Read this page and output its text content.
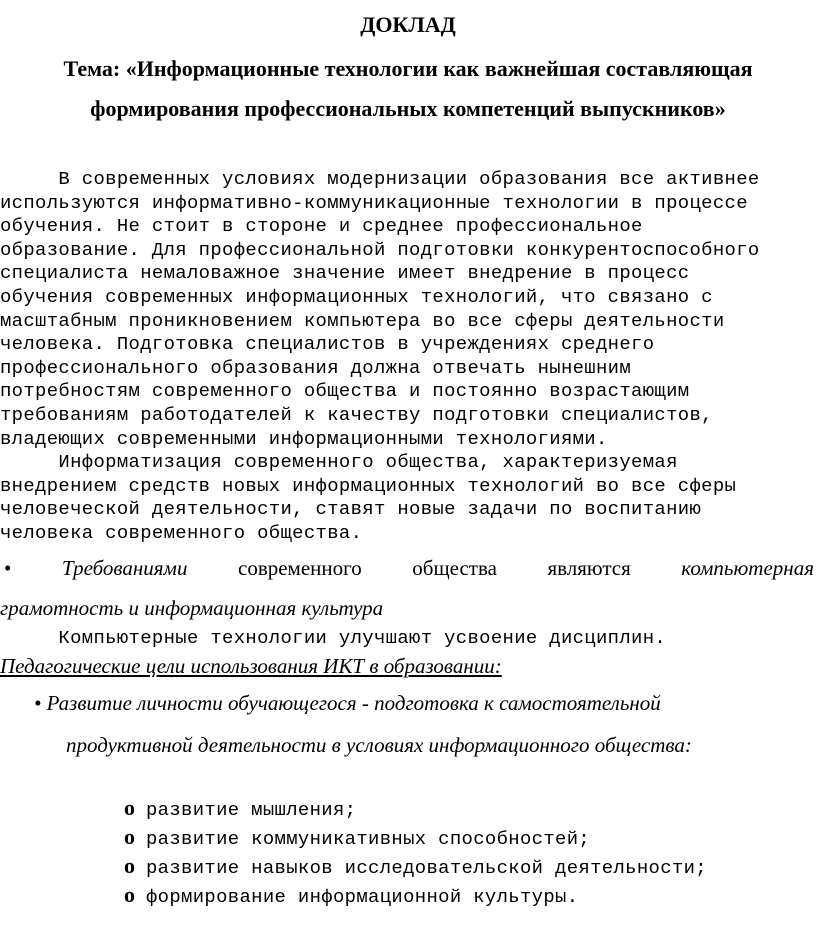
ДОКЛАД
Тема: «Информационные технологии как важнейшая составляющая
формирования профессиональных компетенций выпускников»
В современных условиях модернизации образования все активнее
используются информативно-коммуникационные технологии в процессе
обучения. Не стоит в стороне и среднее профессиональное
образование. Для профессиональной подготовки конкурентоспособного
специалиста немаловажное значение имеет внедрение в процесс
обучения современных информационных технологий, что связано с
масштабным проникновением компьютера во все сферы деятельности
человека. Подготовка специалистов в учреждениях среднего
профессионального образования должна отвечать нынешним
потребностям современного общества и постоянно возрастающим
требованиям работодателей к качеству подготовки специалистов,
владеющих современными информационными технологиями.
Информатизация современного общества, характеризуемая
внедрением средств новых информационных технологий во все сферы
человеческой деятельности, ставят новые задачи по воспитанию
человека современного общества.
• Требованиями современного общества являются компьютерная
грамотность и информационная культура
Компьютерные технологии улучшают усвоение дисциплин.
Педагогические цели использования ИКТ в образовании:
• Развитие личности обучающегося - подготовка к самостоятельной
продуктивной деятельности в условиях информационного общества:

o развитие мышления;

o развитие коммуникативных способностей;

o развитие навыков исследовательской деятельности;

o формирование информационной культуры.
